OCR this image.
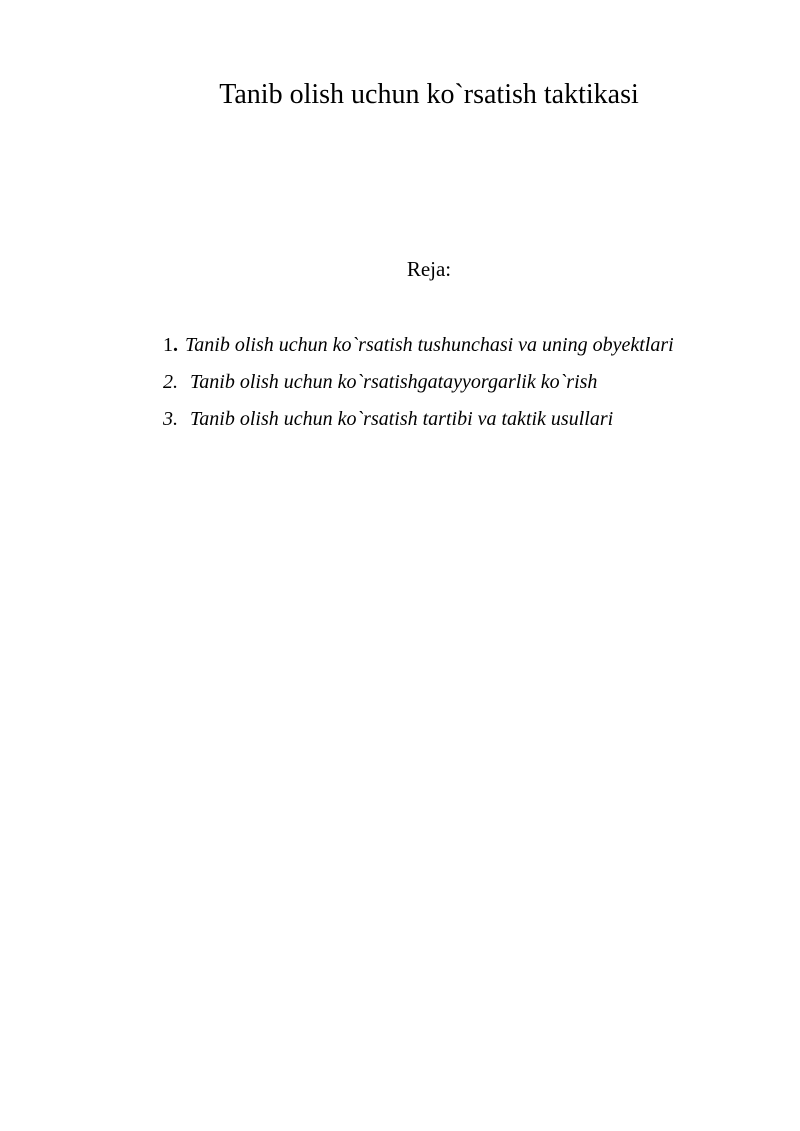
Tanib olish uchun ko`rsatish taktikasi
Reja:
1. Tanib olish uchun ko`rsatish tushunchasi va uning obyektlari
2. Tanib olish uchun ko`rsatishgatayyorgarlik ko`rish
3. Tanib olish uchun ko`rsatish tartibi va taktik usullari
